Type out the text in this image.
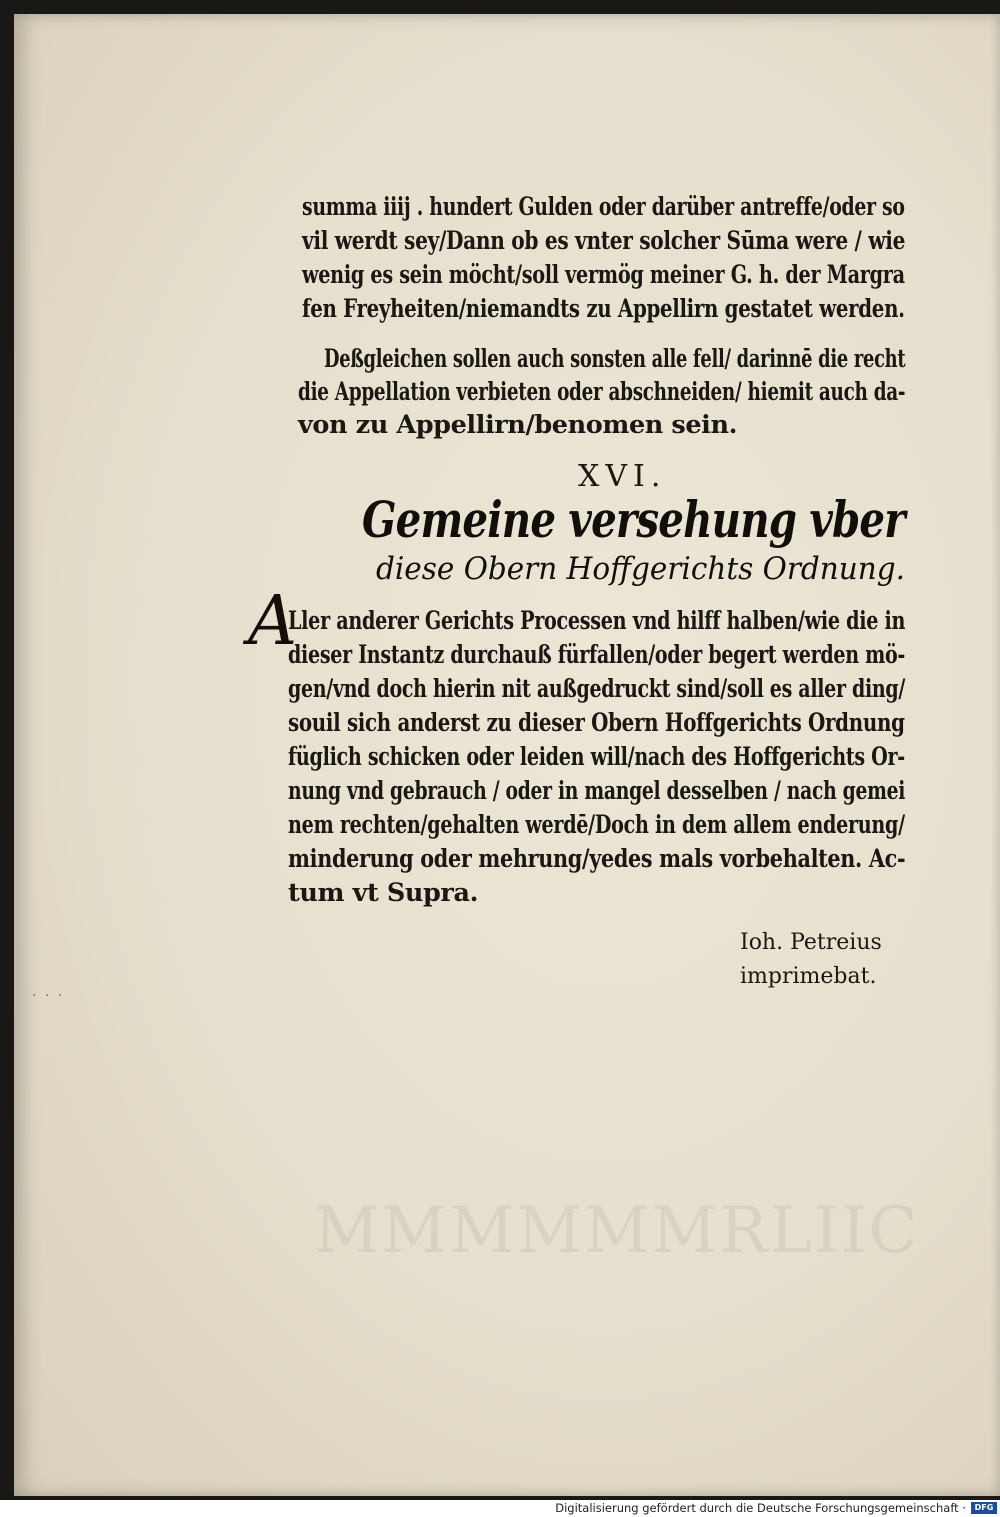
· · ·
MMMMMMRLIIC
summa iiij . hundert Gulden oder darüber antreffe/oder so
vil werdt sey/Dann ob es vnter solcher Sūma were / wie
wenig es sein möcht/soll vermög meiner G. h. der Margra
fen Freyheiten/niemandts zu Appellirn gestatet werden.
Deßgleichen sollen auch sonsten alle fell/ darinnē die recht
die Appellation verbieten oder abschneiden/ hiemit auch da-
von zu Appellirn/benomen sein.
XVI.
Gemeine versehung vber
diese Obern Hoffgerichts Ordnung.
A
Ller anderer Gerichts Processen vnd hilff halben/wie die in
dieser Instantz durchauß fürfallen/oder begert werden mö-
gen/vnd doch hierin nit außgedruckt sind/soll es aller ding/
souil sich anderst zu dieser Obern Hoffgerichts Ordnung
füglich schicken oder leiden will/nach des Hoffgerichts Or-
nung vnd gebrauch / oder in mangel desselben / nach gemei
nem rechten/gehalten werdē/Doch in dem allem enderung/
minderung oder mehrung/yedes mals vorbehalten. Ac-
tum vt Supra.
Ioh. Petreius
imprimebat.
Digitalisierung gefördert durch die Deutsche Forschungsgemeinschaft ·	DFG
